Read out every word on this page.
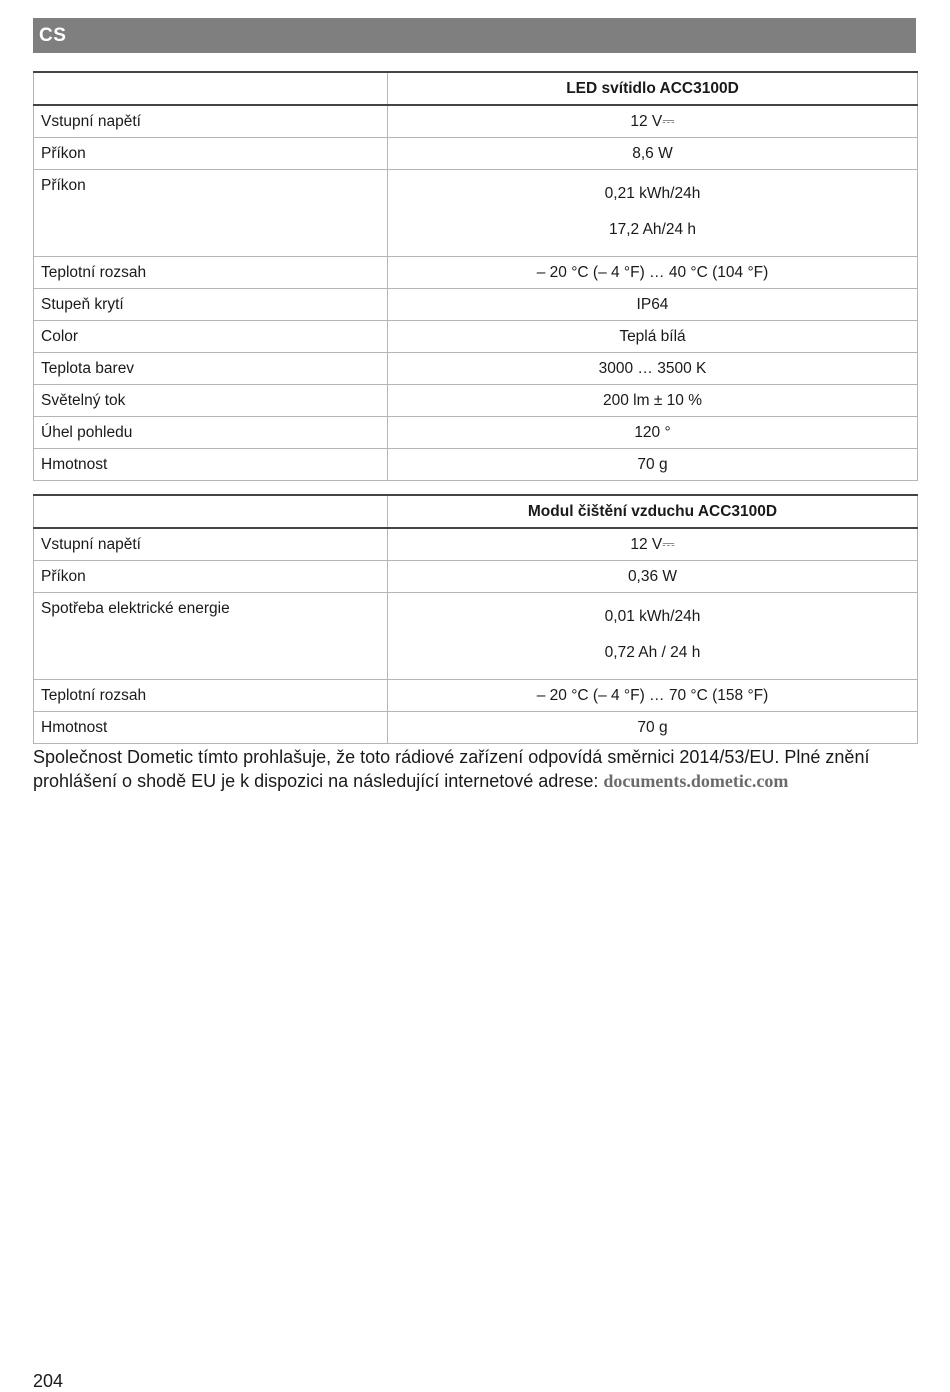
CS
	LED svítidlo ACC3100D
Vstupní napětí	12 V⎓
Příkon	8,6 W
Příkon	0,21 kWh/24h
17,2 Ah/24 h

Teplotní rozsah	– 20 °C (– 4 °F) … 40 °C (104 °F)
Stupeň krytí	IP64
Color	Teplá bílá
Teplota barev	3000 … 3500 K
Světelný tok	200 lm ± 10 %
Úhel pohledu	120 °
Hmotnost	70 g
	Modul čištění vzduchu ACC3100D
Vstupní napětí	12 V⎓
Příkon	0,36 W
Spotřeba elektrické energie	0,01 kWh/24h
0,72 Ah / 24 h

Teplotní rozsah	– 20 °C (– 4 °F) … 70 °C (158 °F)
Hmotnost	70 g
Společnost Dometic tímto prohlašuje, že toto rádiové zařízení odpovídá směrnici 2014/53/EU. Plné znění prohlášení o shodě EU je k dispozici na následující internetové adrese: documents.dometic.com
204
